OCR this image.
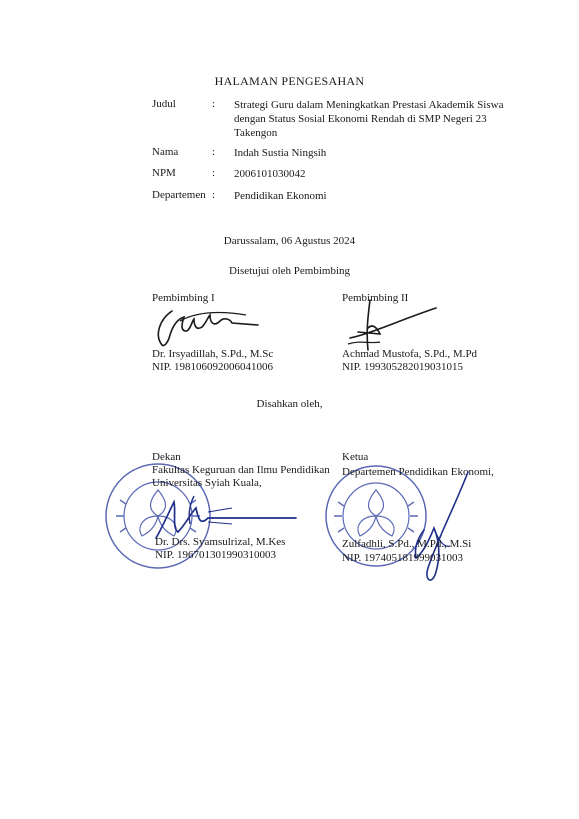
HALAMAN PENGESAHAN
Judul	: Strategi Guru dalam Meningkatkan Prestasi Akademik Siswa dengan Status Sosial Ekonomi Rendah di SMP Negeri 23 Takengon
Nama	: Indah Sustia Ningsih
NPM	: 2006101030042
Departemen : Pendidikan Ekonomi
Darussalam, 06 Agustus 2024
Disetujui oleh Pembimbing
Pembimbing I
Dr. Irsyadillah, S.Pd., M.Sc
NIP. 198106092006041006
Pembimbing II
Achmad Mustofa, S.Pd., M.Pd
NIP. 199305282019031015
Disahkan oleh,
Dekan
Fakultas Keguruan dan Ilmu Pendidikan
Universitas Syiah Kuala,
Dr. Drs. Syamsulrizal, M.Kes
NIP. 196701301990310003
Ketua
Departemen Pendidikan Ekonomi,
Zulfadhli, S.Pd., M.Pd., M.Si
NIP. 197405181999031003
